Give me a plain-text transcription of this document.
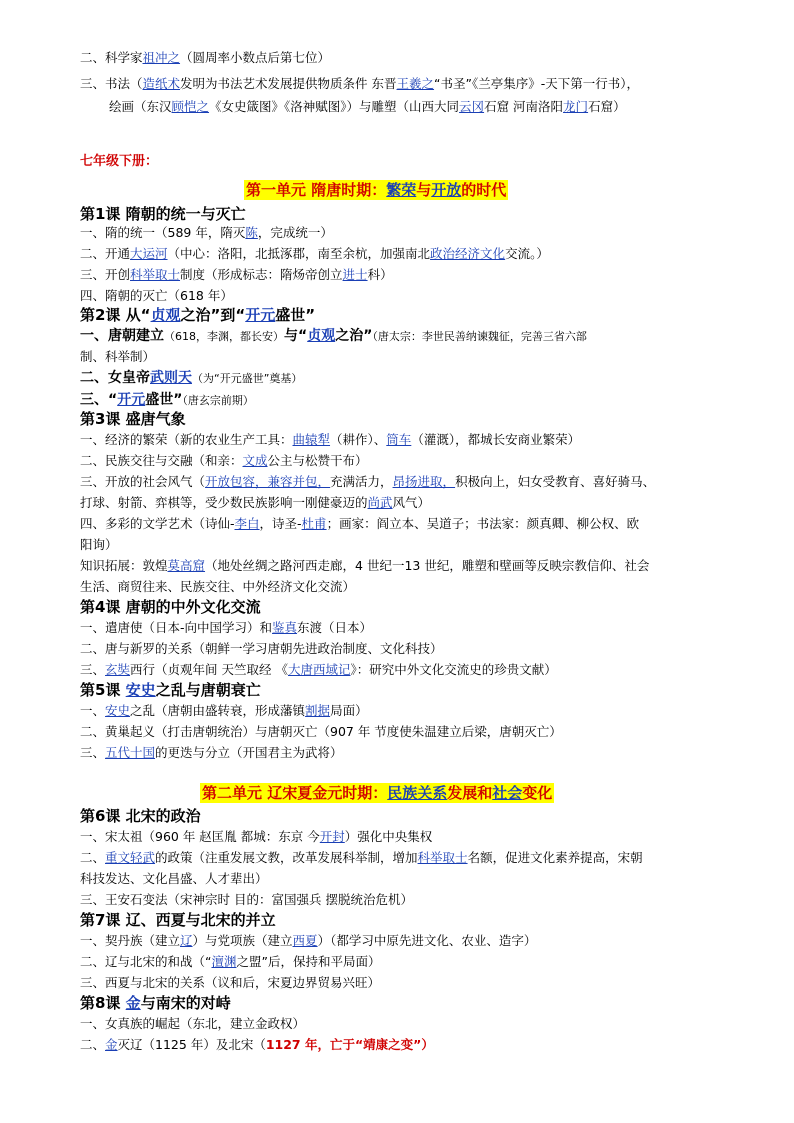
二、科学家祖冲之（圆周率小数点后第七位）
三、书法（造纸术发明为书法艺术发展提供物质条件 东晋王羲之“书圣”《兰亭集序》-天下第一行书），
绘画（东汉顾恺之《女史箴图》《洛神赋图》）与雕塑（山西大同云冈石窟 河南洛阳龙门石窟）
七年级下册：
第一单元 隋唐时期：繁荣与开放的时代
第1课 隋朝的统一与灭亡
一、隋的统一（589 年，隋灭陈，完成统一）
二、开通大运河（中心：洛阳，北抵涿郡，南至余杭，加强南北政治经济文化交流。）
三、开创科举取士制度（形成标志：隋炀帝创立进士科）
四、隋朝的灭亡（618 年）
第2课 从“贞观之治”到“开元盛世”
一、唐朝建立（618，李渊，都长安）与“贞观之治”（唐太宗：李世民善纳谏魏征，完善三省六部
制、科举制）
二、女皇帝武则天（为“开元盛世”奠基）
三、“开元盛世”（唐玄宗前期）
第3课 盛唐气象
一、经济的繁荣（新的农业生产工具：曲辕犁（耕作）、筒车（灌溉），都城长安商业繁荣）
二、民族交往与交融（和亲：文成公主与松赞干布）
三、开放的社会风气（开放包容，兼容并包，充满活力，昂扬进取，积极向上，妇女受教育、喜好骑马、
打球、射箭、弈棋等，受少数民族影响一刚健豪迈的尚武风气）
四、多彩的文学艺术（诗仙-李白，诗圣-杜甫；画家：阎立本、吴道子；书法家：颜真卿、柳公权、欧
阳询）
知识拓展：敦煌莫高窟（地处丝绸之路河西走廊，4 世纪一13 世纪，雕塑和壁画等反映宗教信仰、社会
生活、商贸往来、民族交往、中外经济文化交流）
第4课 唐朝的中外文化交流
一、遣唐使（日本-向中国学习）和鉴真东渡（日本）
二、唐与新罗的关系（朝鲜一学习唐朝先进政治制度、文化科技）
三、玄奘西行（贞观年间 天竺取经 《大唐西域记》：研究中外文化交流史的珍贵文献）
第5课 安史之乱与唐朝衰亡
一、安史之乱（唐朝由盛转衰，形成藩镇割据局面）
二、黄巢起义（打击唐朝统治）与唐朝灭亡（907 年 节度使朱温建立后梁，唐朝灭亡）
三、五代十国的更迭与分立（开国君主为武将）
第二单元 辽宋夏金元时期：民族关系发展和社会变化
第6课 北宋的政治
一、宋太祖（960 年 赵匡胤 都城：东京 今开封）强化中央集权
二、重文轻武的政策（注重发展文教，改革发展科举制，增加科举取士名额，促进文化素养提高，宋朝
科技发达、文化昌盛、人才辈出）
三、王安石变法（宋神宗时 目的：富国强兵 摆脱统治危机）
第7课 辽、西夏与北宋的并立
一、契丹族（建立辽）与党项族（建立西夏）（都学习中原先进文化、农业、造字）
二、辽与北宋的和战（“澶渊之盟”后，保持和平局面）
三、西夏与北宋的关系（议和后，宋夏边界贸易兴旺）
第8课 金与南宋的对峙
一、女真族的崛起（东北，建立金政权）
二、金灭辽（1125 年）及北宋（1127 年，亡于“靖康之变”）
